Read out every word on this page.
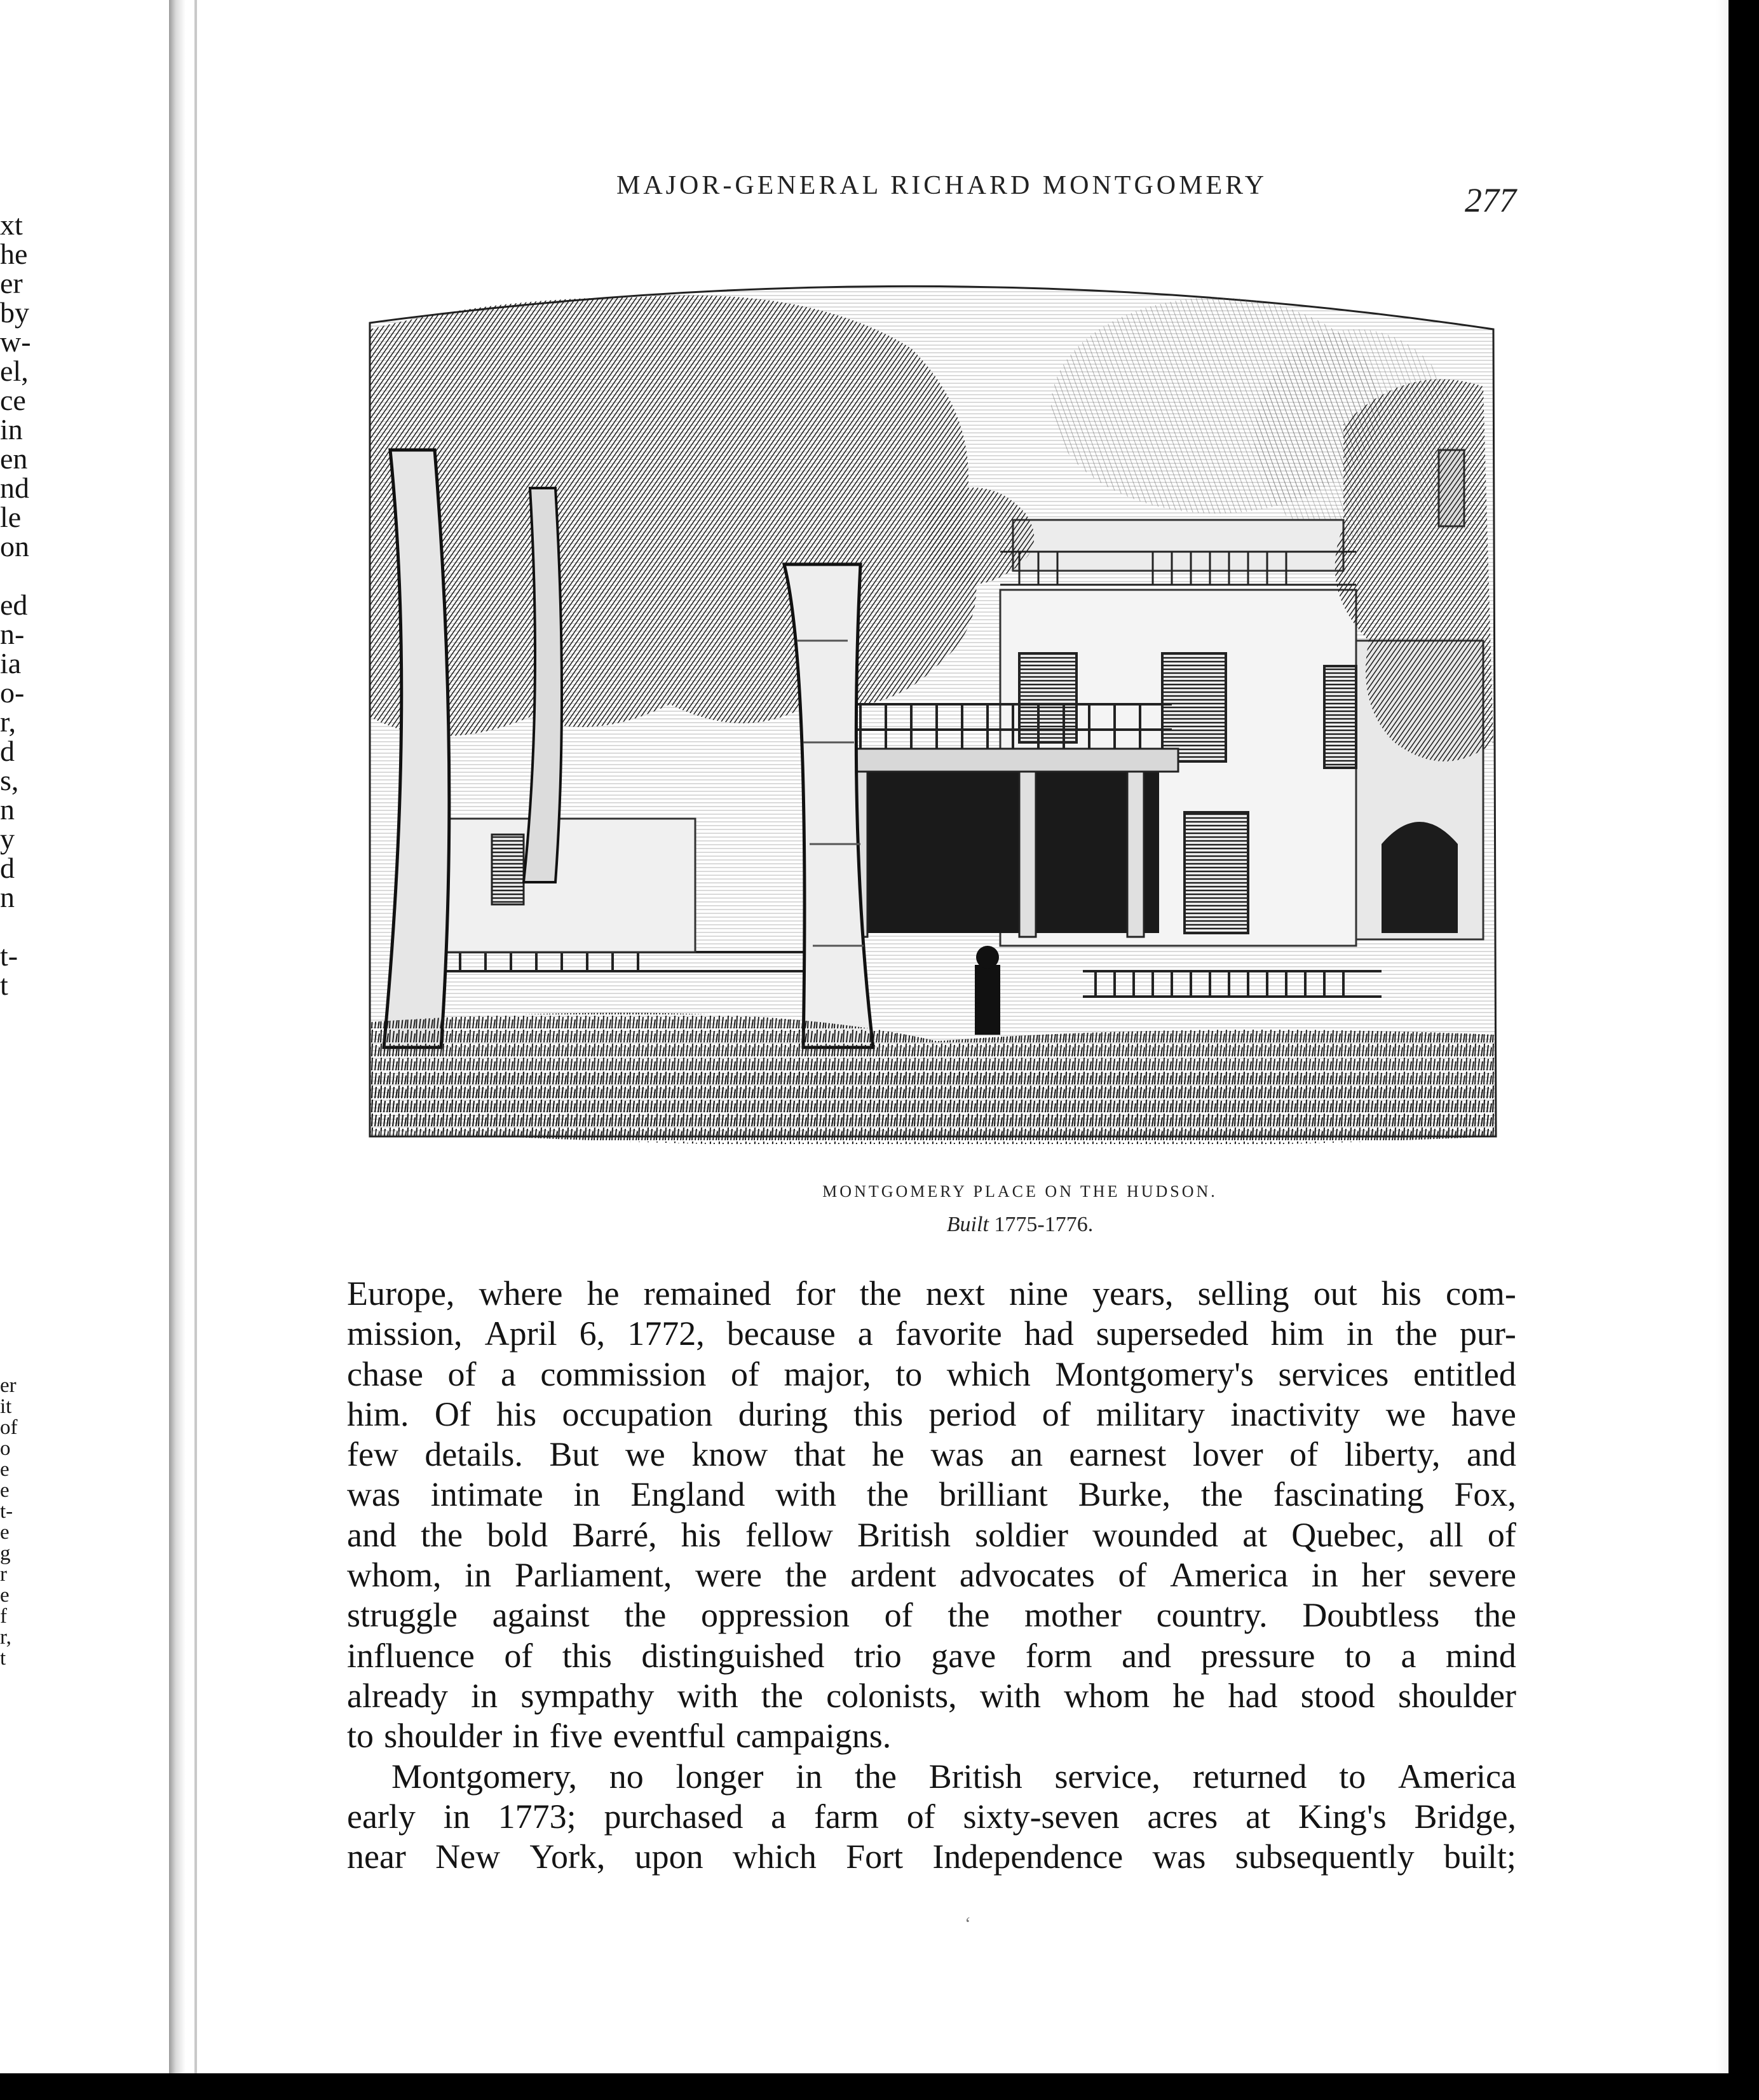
xt
he
er
by
w-
el,
ce
in
en
nd
le
on
ed
n-
ia
o-
r,
d
s,
n
y
d
n
t-
t
er
it
of
o
e
e
t-
e
g
r
e
f
r,
t
MAJOR-GENERAL RICHARD MONTGOMERY	277
MONTGOMERY PLACE ON THE HUDSON.
Built 1775-1776.
Europe, where he remained for the next nine years, selling out his com-
mission, April 6, 1772, because a favorite had superseded him in the pur-
chase of a commission of major, to which Montgomery's services entitled
him. Of his occupation during this period of military inactivity we have
few details. But we know that he was an earnest lover of liberty, and
was intimate in England with the brilliant Burke, the fascinating Fox,
and the bold Barré, his fellow British soldier wounded at Quebec, all of
whom, in Parliament, were the ardent advocates of America in her severe
struggle against the oppression of the mother country. Doubtless the
influence of this distinguished trio gave form and pressure to a mind
already in sympathy with the colonists, with whom he had stood shoulder
to shoulder in five eventful campaigns.
Montgomery, no longer in the British service, returned to America
early in 1773; purchased a farm of sixty-seven acres at King's Bridge,
near New York, upon which Fort Independence was subsequently built;
‘
